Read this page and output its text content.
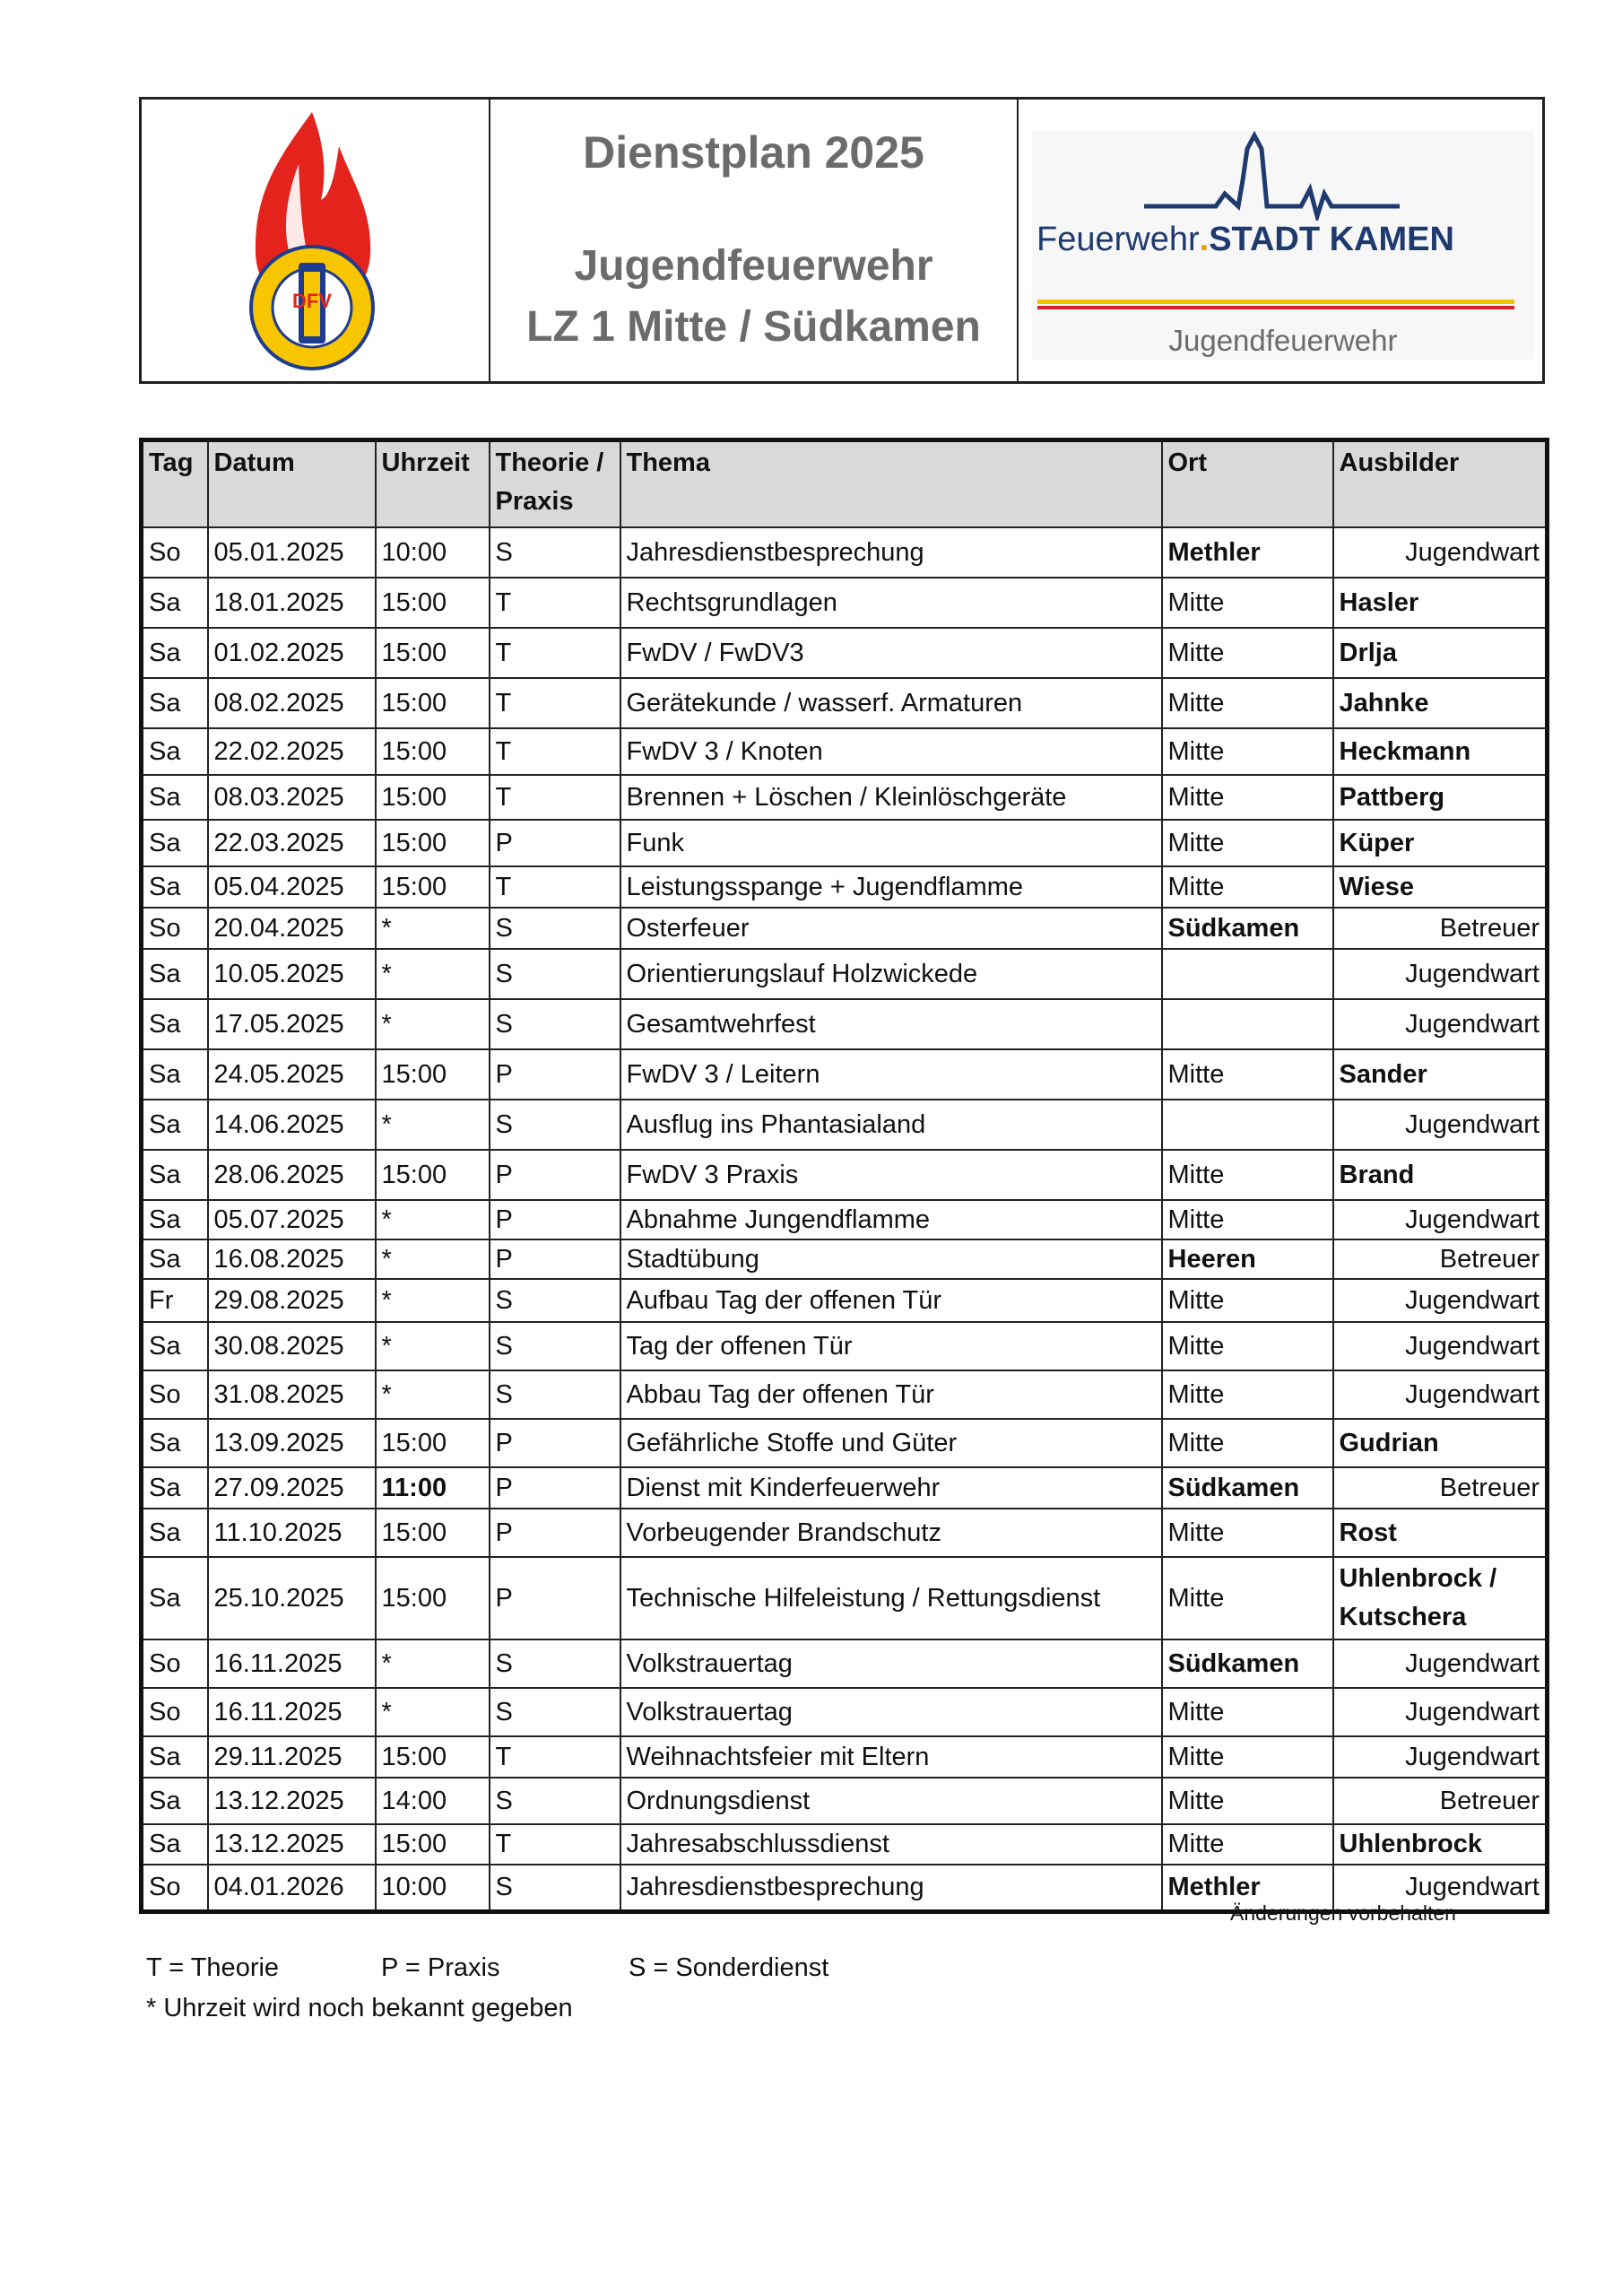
DFV
Dienstplan 2025
Jugendfeuerwehr
LZ 1 Mitte / Südkamen
Feuerwehr.STADT KAMEN
Jugendfeuerwehr
Tag	Datum	Uhrzeit	Theorie / Praxis	Thema	Ort	Ausbilder
So	05.01.2025	10:00	S	Jahresdienstbesprechung	Methler	Jugendwart
Sa	18.01.2025	15:00	T	Rechtsgrundlagen	Mitte	Hasler
Sa	01.02.2025	15:00	T	FwDV / FwDV3	Mitte	Drlja
Sa	08.02.2025	15:00	T	Gerätekunde / wasserf. Armaturen	Mitte	Jahnke
Sa	22.02.2025	15:00	T	FwDV 3 / Knoten	Mitte	Heckmann
Sa	08.03.2025	15:00	T	Brennen + Löschen / Kleinlöschgeräte	Mitte	Pattberg
Sa	22.03.2025	15:00	P	Funk	Mitte	Küper
Sa	05.04.2025	15:00	T	Leistungsspange + Jugendflamme	Mitte	Wiese
So	20.04.2025	*	S	Osterfeuer	Südkamen	Betreuer
Sa	10.05.2025	*	S	Orientierungslauf Holzwickede		Jugendwart
Sa	17.05.2025	*	S	Gesamtwehrfest		Jugendwart
Sa	24.05.2025	15:00	P	FwDV 3 / Leitern	Mitte	Sander
Sa	14.06.2025	*	S	Ausflug ins Phantasialand		Jugendwart
Sa	28.06.2025	15:00	P	FwDV 3 Praxis	Mitte	Brand
Sa	05.07.2025	*	P	Abnahme Jungendflamme	Mitte	Jugendwart
Sa	16.08.2025	*	P	Stadtübung	Heeren	Betreuer
Fr	29.08.2025	*	S	Aufbau Tag der offenen Tür	Mitte	Jugendwart
Sa	30.08.2025	*	S	Tag der offenen Tür	Mitte	Jugendwart
So	31.08.2025	*	S	Abbau Tag der offenen Tür	Mitte	Jugendwart
Sa	13.09.2025	15:00	P	Gefährliche Stoffe und Güter	Mitte	Gudrian
Sa	27.09.2025	11:00	P	Dienst mit Kinderfeuerwehr	Südkamen	Betreuer
Sa	11.10.2025	15:00	P	Vorbeugender Brandschutz	Mitte	Rost
Sa	25.10.2025	15:00	P	Technische Hilfeleistung / Rettungsdienst	Mitte	Uhlenbrock / Kutschera
So	16.11.2025	*	S	Volkstrauertag	Südkamen	Jugendwart
So	16.11.2025	*	S	Volkstrauertag	Mitte	Jugendwart
Sa	29.11.2025	15:00	T	Weihnachtsfeier mit Eltern	Mitte	Jugendwart
Sa	13.12.2025	14:00	S	Ordnungsdienst	Mitte	Betreuer
Sa	13.12.2025	15:00	T	Jahresabschlussdienst	Mitte	Uhlenbrock
So	04.01.2026	10:00	S	Jahresdienstbesprechung	Methler	Jugendwart
Änderungen vorbehalten
T = Theorie	P = Praxis	S = Sonderdienst
* Uhrzeit wird noch bekannt gegeben
